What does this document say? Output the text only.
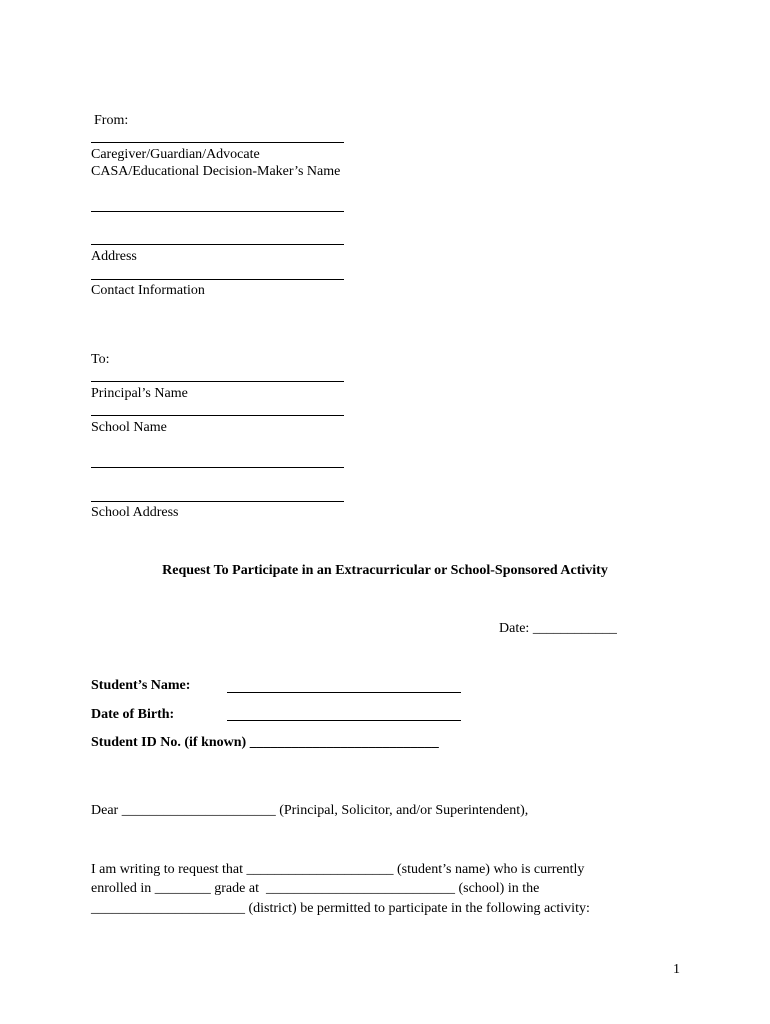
From:
Caregiver/Guardian/Advocate
CASA/Educational Decision-Maker’s Name
Address
Contact Information
To:
Principal’s Name
School Name
School Address
Request To Participate in an Extracurricular or School-Sponsored Activity
Date: ____________
Student’s Name:
Date of Birth:
Student ID No. (if known) ___________________________
Dear ______________________ (Principal, Solicitor, and/or Superintendent),
I am writing to request that _____________________ (student’s name) who is currently
enrolled in ________ grade at  ___________________________ (school) in the
______________________ (district) be permitted to participate in the following activity:
1
